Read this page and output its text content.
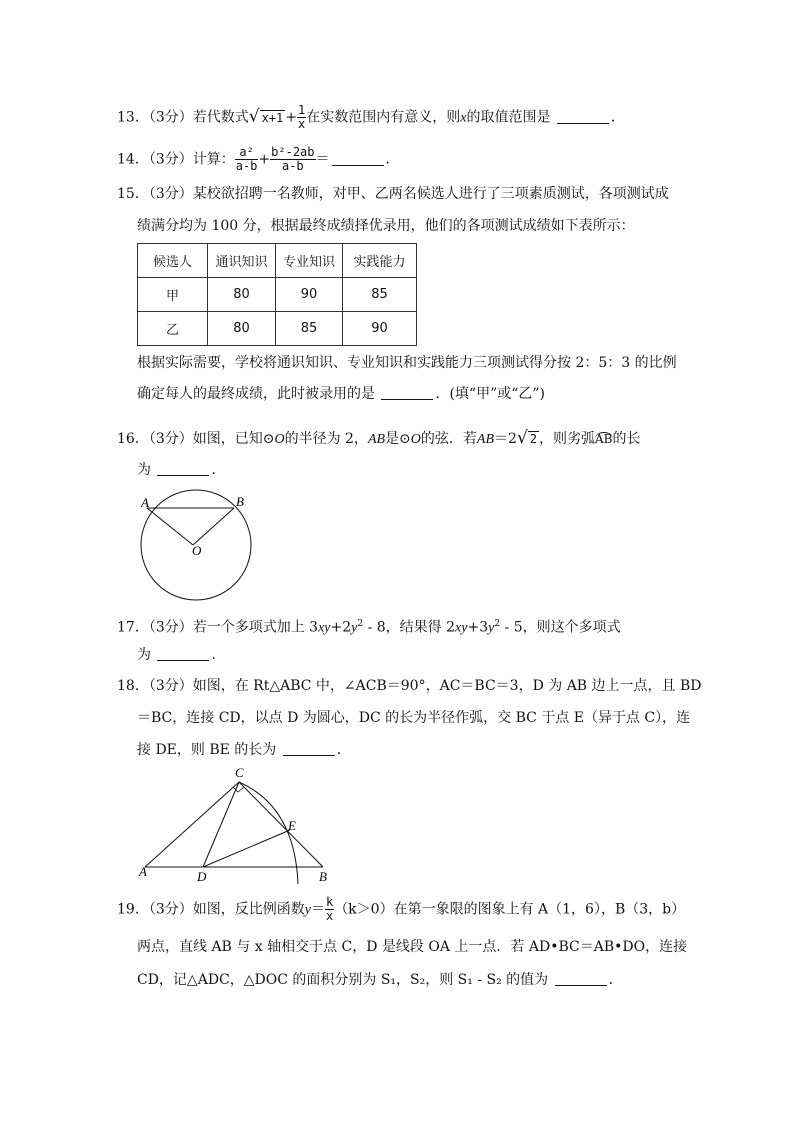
13．（3分）若代数式√ $x+1 + \frac{1}{x}$ 在实数范围内有意义，则x的取值范围是	．
14．（3分）计算： $\frac{\text{a²}}{a-b} + \frac{\text{b²-2ab}}{a-b}$ ＝	．
15．（3分）某校欲招聘一名教师，对甲、乙两名候选人进行了三项素质测试，各项测试成
绩满分均为 100 分，根据最终成绩择优录用，他们的各项测试成绩如下表所示：
候选人	通识知识	专业知识	实践能力
甲	80	90	85
乙	80	85	90
根据实际需要，学校将通识知识、专业知识和实践能力三项测试得分按 2：5：3 的比例
确定每人的最终成绩，此时被录用的是	．(填“甲”或“乙”)
16．（3分）如图，已知⊙O的半径为 2，AB是⊙O的弦．若AB＝2√ 2 ，则劣弧AB的长
为	．
A	B
O
17．（3分）若一个多项式加上 $3xy+2y^2 - 8$，结果得 $2xy+3y^2 - 5$，则这个多项式
为	．
18．（3分）如图，在 Rt△ABC 中，∠ACB＝90°，AC＝BC＝3，D 为 AB 边上一点，且 BD
＝BC，连接 CD，以点 D 为圆心，DC 的长为半径作弧，交 BC 于点 E（异于点 C），连
接 DE，则 BE 的长为	．
C
E
A	D	B
19．（3分）如图，反比例函数$y= \frac{k}{x} (k>0)$在第一象限的图象上有 A（1，6），B（3，b）
两点，直线 AB 与 x 轴相交于点 C，D 是线段 OA 上一点．若 AD•BC＝AB•DO，连接
CD，记△ADC，△DOC 的面积分别为 S₁，S₂，则 S₁ - S₂ 的值为	．
